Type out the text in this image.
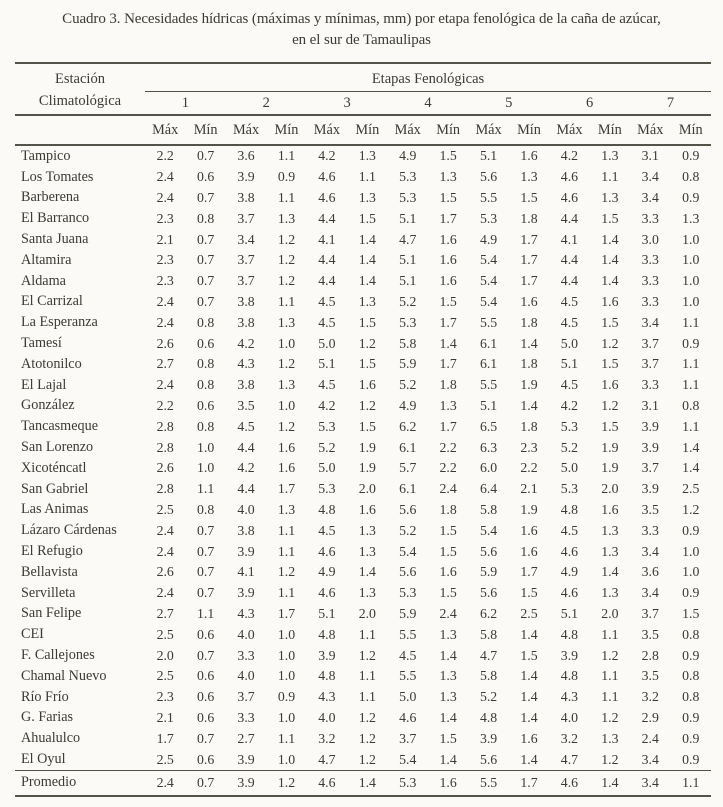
Cuadro 3. Necesidades hídricas (máximas y mínimas, mm) por etapa fenológica de la caña de azúcar,
en el sur de Tamaulipas
Estación
Climatológica	Etapas Fenológicas													
	1		2		3		4		5		6		7	
	Máx	Mín	Máx	Mín	Máx	Mín	Máx	Mín	Máx	Mín	Máx	Mín	Máx	Mín
Tampico	2.2	0.7	3.6	1.1	4.2	1.3	4.9	1.5	5.1	1.6	4.2	1.3	3.1	0.9
Los Tomates	2.4	0.6	3.9	0.9	4.6	1.1	5.3	1.3	5.6	1.3	4.6	1.1	3.4	0.8
Barberena	2.4	0.7	3.8	1.1	4.6	1.3	5.3	1.5	5.5	1.5	4.6	1.3	3.4	0.9
El Barranco	2.3	0.8	3.7	1.3	4.4	1.5	5.1	1.7	5.3	1.8	4.4	1.5	3.3	1.3
Santa Juana	2.1	0.7	3.4	1.2	4.1	1.4	4.7	1.6	4.9	1.7	4.1	1.4	3.0	1.0
Altamira	2.3	0.7	3.7	1.2	4.4	1.4	5.1	1.6	5.4	1.7	4.4	1.4	3.3	1.0
Aldama	2.3	0.7	3.7	1.2	4.4	1.4	5.1	1.6	5.4	1.7	4.4	1.4	3.3	1.0
El Carrizal	2.4	0.7	3.8	1.1	4.5	1.3	5.2	1.5	5.4	1.6	4.5	1.6	3.3	1.0
La Esperanza	2.4	0.8	3.8	1.3	4.5	1.5	5.3	1.7	5.5	1.8	4.5	1.5	3.4	1.1
Tamesí	2.6	0.6	4.2	1.0	5.0	1.2	5.8	1.4	6.1	1.4	5.0	1.2	3.7	0.9
Atotonilco	2.7	0.8	4.3	1.2	5.1	1.5	5.9	1.7	6.1	1.8	5.1	1.5	3.7	1.1
El Lajal	2.4	0.8	3.8	1.3	4.5	1.6	5.2	1.8	5.5	1.9	4.5	1.6	3.3	1.1
González	2.2	0.6	3.5	1.0	4.2	1.2	4.9	1.3	5.1	1.4	4.2	1.2	3.1	0.8
Tancasmeque	2.8	0.8	4.5	1.2	5.3	1.5	6.2	1.7	6.5	1.8	5.3	1.5	3.9	1.1
San Lorenzo	2.8	1.0	4.4	1.6	5.2	1.9	6.1	2.2	6.3	2.3	5.2	1.9	3.9	1.4
Xicoténcatl	2.6	1.0	4.2	1.6	5.0	1.9	5.7	2.2	6.0	2.2	5.0	1.9	3.7	1.4
San Gabriel	2.8	1.1	4.4	1.7	5.3	2.0	6.1	2.4	6.4	2.1	5.3	2.0	3.9	2.5
Las Animas	2.5	0.8	4.0	1.3	4.8	1.6	5.6	1.8	5.8	1.9	4.8	1.6	3.5	1.2
Lázaro Cárdenas	2.4	0.7	3.8	1.1	4.5	1.3	5.2	1.5	5.4	1.6	4.5	1.3	3.3	0.9
El Refugio	2.4	0.7	3.9	1.1	4.6	1.3	5.4	1.5	5.6	1.6	4.6	1.3	3.4	1.0
Bellavista	2.6	0.7	4.1	1.2	4.9	1.4	5.6	1.6	5.9	1.7	4.9	1.4	3.6	1.0
Servilleta	2.4	0.7	3.9	1.1	4.6	1.3	5.3	1.5	5.6	1.5	4.6	1.3	3.4	0.9
San Felipe	2.7	1.1	4.3	1.7	5.1	2.0	5.9	2.4	6.2	2.5	5.1	2.0	3.7	1.5
CEI	2.5	0.6	4.0	1.0	4.8	1.1	5.5	1.3	5.8	1.4	4.8	1.1	3.5	0.8
F. Callejones	2.0	0.7	3.3	1.0	3.9	1.2	4.5	1.4	4.7	1.5	3.9	1.2	2.8	0.9
Chamal Nuevo	2.5	0.6	4.0	1.0	4.8	1.1	5.5	1.3	5.8	1.4	4.8	1.1	3.5	0.8
Río Frío	2.3	0.6	3.7	0.9	4.3	1.1	5.0	1.3	5.2	1.4	4.3	1.1	3.2	0.8
G. Farias	2.1	0.6	3.3	1.0	4.0	1.2	4.6	1.4	4.8	1.4	4.0	1.2	2.9	0.9
Ahualulco	1.7	0.7	2.7	1.1	3.2	1.2	3.7	1.5	3.9	1.6	3.2	1.3	2.4	0.9
El Oyul	2.5	0.6	3.9	1.0	4.7	1.2	5.4	1.4	5.6	1.4	4.7	1.2	3.4	0.9
Promedio	2.4	0.7	3.9	1.2	4.6	1.4	5.3	1.6	5.5	1.7	4.6	1.4	3.4	1.1
